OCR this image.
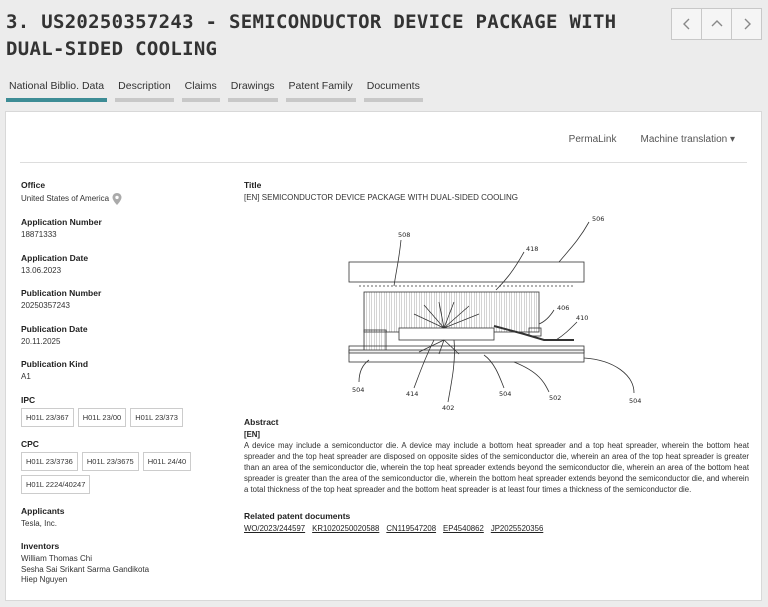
3. US20250357243 - SEMICONDUCTOR DEVICE PACKAGE WITH DUAL-SIDED COOLING
National Biblio. Data Description Claims Drawings Patent Family Documents
PermaLink Machine translation ▾
Office
United States of America
Application Number
18871333
Application Date
13.06.2023
Publication Number
20250357243
Publication Date
20.11.2025
Publication Kind
A1
IPC
H01L 23/367	H01L 23/00	H01L 23/373
CPC
H01L 23/3736	H01L 23/3675	H01L 24/40
H01L 2224/40247
Applicants
Tesla, Inc.
Inventors
William Thomas Chi
Sesha Sai Srikant Sarma Gandikota
Hiep Nguyen
Title
[EN] SEMICONDUCTOR DEVICE PACKAGE WITH DUAL-SIDED COOLING
506
508
418
406
410
504	414
402
504	502	504
Abstract
[EN]
A device may include a semiconductor die. A device may include a bottom heat spreader and a top heat spreader, wherein the bottom heat spreader and the top heat spreader are disposed on opposite sides of the semiconductor die, wherein an area of the top heat spreader is greater than an area of the semiconductor die, wherein the top heat spreader extends beyond the semiconductor die, wherein an area of the bottom heat spreader is greater than the area of the semiconductor die, wherein the bottom heat spreader extends beyond the semiconductor die, and wherein a total thickness of the top heat spreader and the bottom heat spreader is at least four times a thickness of the semiconductor die.
Related patent documents
WO/2023/244597 KR1020250020588 CN119547208 EP4540862 JP2025520356
